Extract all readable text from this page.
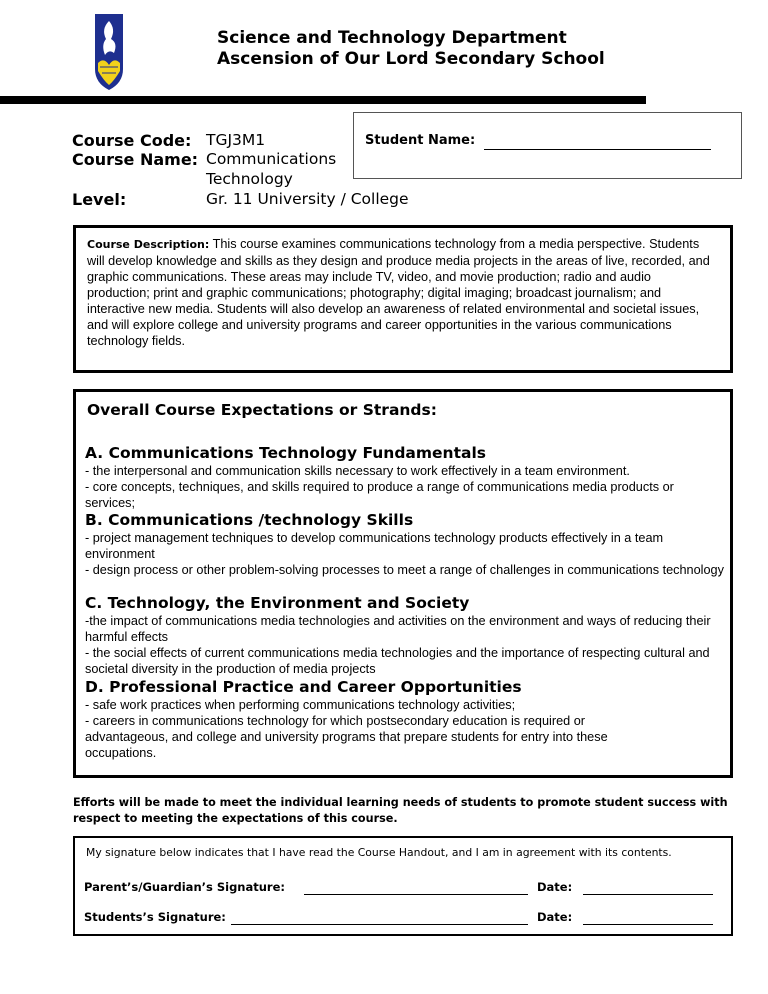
Science and Technology Department
Ascension of Our Lord Secondary School
Course Code: TGJ3M1
Course Name: Communications
Technology
Level:	Gr. 11 University / College
Student Name:
Course Description: This course examines communications technology from a media perspective. Students will develop knowledge and skills as they design and produce media projects in the areas of live, recorded, and graphic communications. These areas may include TV, video, and movie production; radio and audio production; print and graphic communications; photography; digital imaging; broadcast journalism; and interactive new media. Students will also develop an awareness of related environmental and societal issues, and will explore college and university programs and career opportunities in the various communications technology fields.
Overall Course Expectations or Strands:

A. Communications Technology Fundamentals

- the interpersonal and communication skills necessary to work effectively in a team environment.

- core concepts, techniques, and skills required to produce a range of communications media products or services;

B. Communications /technology Skills

- project management techniques to develop communications technology products effectively in a team environment

- design process or other problem-solving processes to meet a range of challenges in communications technology

C. Technology, the Environment and Society

-the impact of communications media technologies and activities on the environment and ways of reducing their harmful effects

- the social effects of current communications media technologies and the importance of respecting cultural and societal diversity in the production of media projects

D. Professional Practice and Career Opportunities

- safe work practices when performing communications technology activities;

- careers in communications technology for which postsecondary education is required or advantageous, and college and university programs that prepare students for entry into these occupations.

Efforts will be made to meet the individual learning needs of students to promote student success with respect to meeting the expectations of this course.
My signature below indicates that I have read the Course Handout, and I am in agreement with its contents.
Parent’s/Guardian’s Signature:	Date:
Students’s Signature:	Date:
